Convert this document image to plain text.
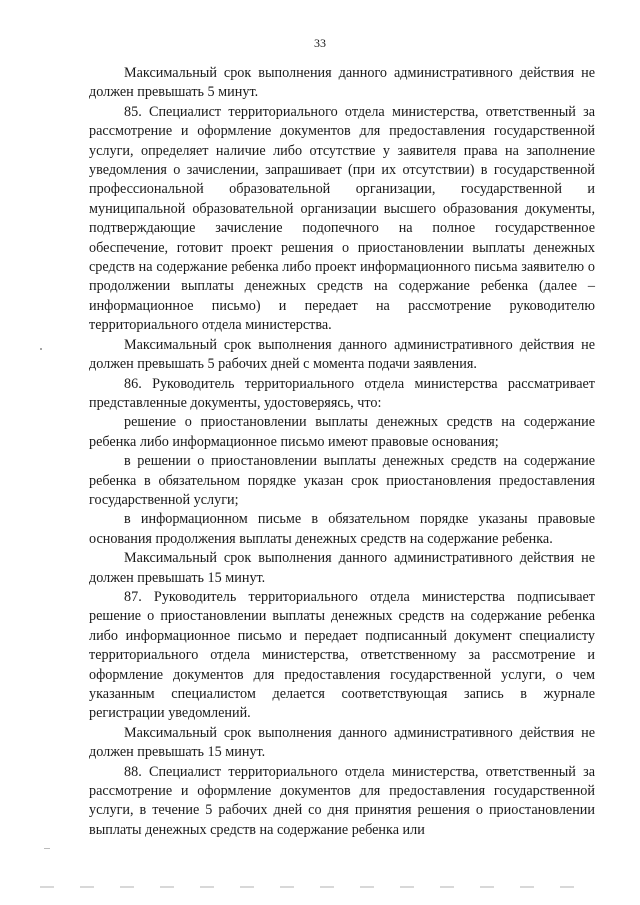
33

Максимальный срок выполнения данного административного действия не должен превышать 5 минут.

85. Специалист территориального отдела министерства, ответственный за рассмотрение и оформление документов для предоставления государственной услуги, определяет наличие либо отсутствие у заявителя права на заполнение уведомления о зачислении, запрашивает (при их отсутствии) в государственной профессиональной образовательной организации, государственной и муниципальной образовательной организации высшего образования документы, подтверждающие зачисление подопечного на полное государственное обеспечение, готовит проект решения о приостановлении выплаты денежных средств на содержание ребенка либо проект информационного письма заявителю о продолжении выплаты денежных средств на содержание ребенка (далее – информационное письмо) и передает на рассмотрение руководителю территориального отдела министерства.

Максимальный срок выполнения данного административного действия не должен превышать 5 рабочих дней с момента подачи заявления.

86. Руководитель территориального отдела министерства рассматривает представленные документы, удостоверяясь, что:

решение о приостановлении выплаты денежных средств на содержание ребенка либо информационное письмо имеют правовые основания;

в решении о приостановлении выплаты денежных средств на содержание ребенка в обязательном порядке указан срок приостановления предоставления государственной услуги;

в информационном письме в обязательном порядке указаны правовые основания продолжения выплаты денежных средств на содержание ребенка.

Максимальный срок выполнения данного административного действия не должен превышать 15 минут.

87. Руководитель территориального отдела министерства подписывает решение о приостановлении выплаты денежных средств на содержание ребенка либо информационное письмо и передает подписанный документ специалисту территориального отдела министерства, ответственному за рассмотрение и оформление документов для предоставления государственной услуги, о чем указанным специалистом делается соответствующая запись в журнале регистрации уведомлений.

Максимальный срок выполнения данного административного действия не должен превышать 15 минут.

88. Специалист территориального отдела министерства, ответственный за рассмотрение и оформление документов для предоставления государственной услуги, в течение 5 рабочих дней со дня принятия решения о приостановлении выплаты денежных средств на содержание ребенка или
